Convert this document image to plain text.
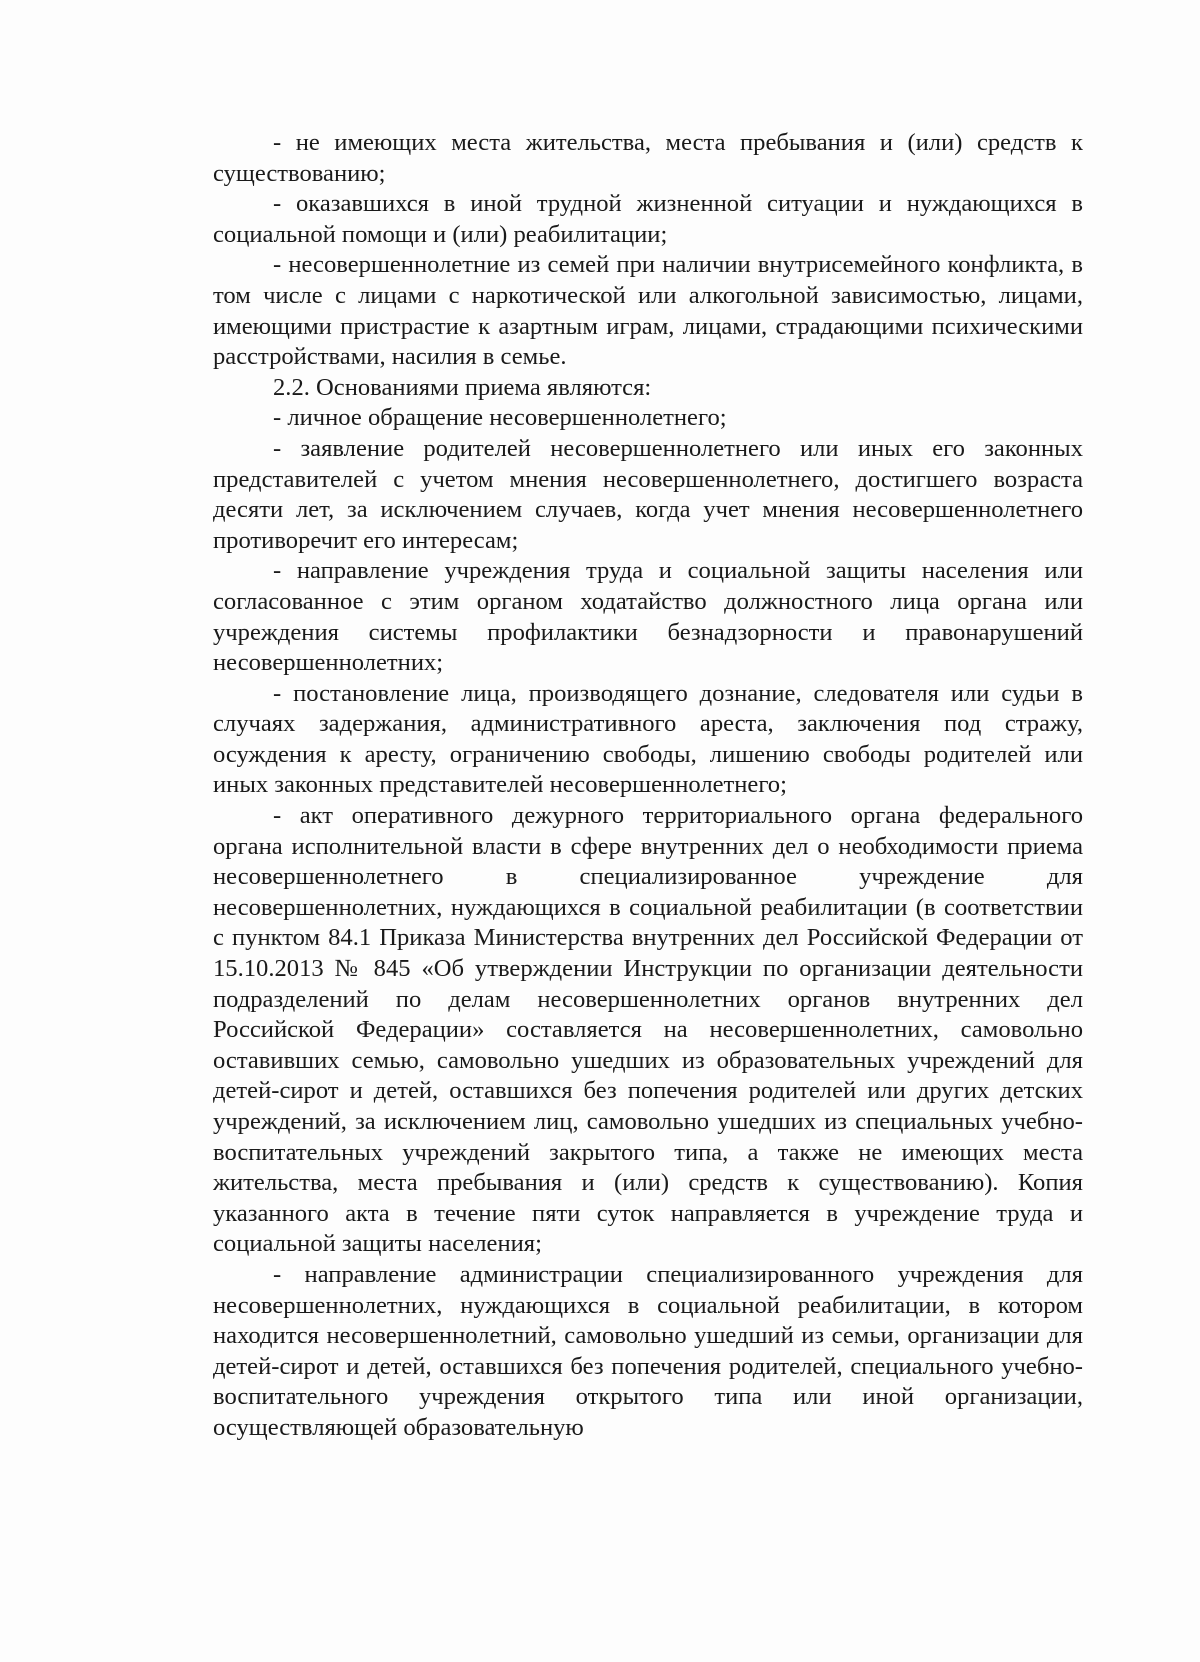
- не имеющих места жительства, места пребывания и (или) средств к существованию;

- оказавшихся в иной трудной жизненной ситуации и нуждающихся в социальной помощи и (или) реабилитации;

- несовершеннолетние из семей при наличии внутрисемейного конфликта, в том числе с лицами с наркотической или алкогольной зависимостью, лицами, имеющими пристрастие к азартным играм, лицами, страдающими психическими расстройствами, насилия в семье.

2.2. Основаниями приема являются:

- личное обращение несовершеннолетнего;

- заявление родителей несовершеннолетнего или иных его законных представителей с учетом мнения несовершеннолетнего, достигшего возраста десяти лет, за исключением случаев, когда учет мнения несовершеннолетнего противоречит его интересам;

- направление учреждения труда и социальной защиты населения или согласованное с этим органом ходатайство должностного лица органа или учреждения системы профилактики безнадзорности и правонарушений несовершеннолетних;

- постановление лица, производящего дознание, следователя или судьи в случаях задержания, административного ареста, заключения под стражу, осуждения к аресту, ограничению свободы, лишению свободы родителей или иных законных представителей несовершеннолетнего;

- акт оперативного дежурного территориального органа федерального органа исполнительной власти в сфере внутренних дел о необходимости приема несовершеннолетнего в специализированное учреждение для несовершеннолетних, нуждающихся в социальной реабилитации (в соответствии с пунктом 84.1 Приказа Министерства внутренних дел Российской Федерации от 15.10.2013 № 845 «Об утверждении Инструкции по организации деятельности подразделений по делам несовершеннолетних органов внутренних дел Российской Федерации» составляется на несовершеннолетних, самовольно оставивших семью, самовольно ушедших из образовательных учреждений для детей-сирот и детей, оставшихся без попечения родителей или других детских учреждений, за исключением лиц, самовольно ушедших из специальных учебно-воспитательных учреждений закрытого типа, а также не имеющих места жительства, места пребывания и (или) средств к существованию). Копия указанного акта в течение пяти суток направляется в учреждение труда и социальной защиты населения;

- направление администрации специализированного учреждения для несовершеннолетних, нуждающихся в социальной реабилитации, в котором находится несовершеннолетний, самовольно ушедший из семьи, организации для детей-сирот и детей, оставшихся без попечения родителей, специального учебно-воспитательного учреждения открытого типа или иной организации, осуществляющей образовательную
